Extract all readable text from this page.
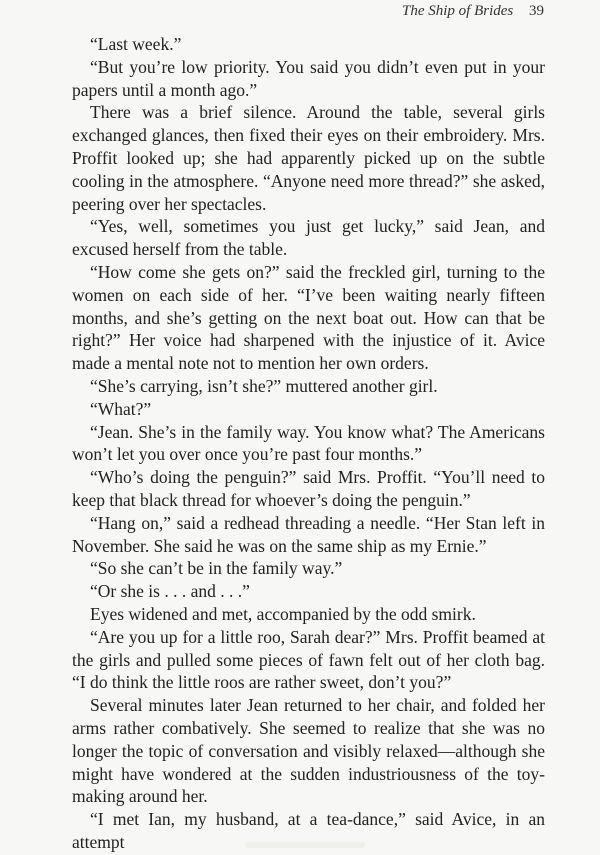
The Ship of Brides 39

“Last week.”

“But you’re low priority. You said you didn’t even put in your papers until a month ago.”

There was a brief silence. Around the table, several girls exchanged glances, then fixed their eyes on their embroidery. Mrs. Proffit looked up; she had apparently picked up on the subtle cooling in the atmosphere. “Anyone need more thread?” she asked, peering over her spectacles.

“Yes, well, sometimes you just get lucky,” said Jean, and excused herself from the table.

“How come she gets on?” said the freckled girl, turning to the women on each side of her. “I’ve been waiting nearly fifteen months, and she’s getting on the next boat out. How can that be right?” Her voice had sharpened with the injustice of it. Avice made a mental note not to mention her own orders.

“She’s carrying, isn’t she?” muttered another girl.

“What?”

“Jean. She’s in the family way. You know what? The Americans won’t let you over once you’re past four months.”

“Who’s doing the penguin?” said Mrs. Proffit. “You’ll need to keep that black thread for whoever’s doing the penguin.”

“Hang on,” said a redhead threading a needle. “Her Stan left in November. She said he was on the same ship as my Ernie.”

“So she can’t be in the family way.”

“Or she is . . . and . . .”

Eyes widened and met, accompanied by the odd smirk.

“Are you up for a little roo, Sarah dear?” Mrs. Proffit beamed at the girls and pulled some pieces of fawn felt out of her cloth bag. “I do think the little roos are rather sweet, don’t you?”

Several minutes later Jean returned to her chair, and folded her arms rather combatively. She seemed to realize that she was no longer the topic of conversation and visibly relaxed—although she might have wondered at the sudden industriousness of the toy-making around her.

“I met Ian, my husband, at a tea-dance,” said Avice, in an attempt
